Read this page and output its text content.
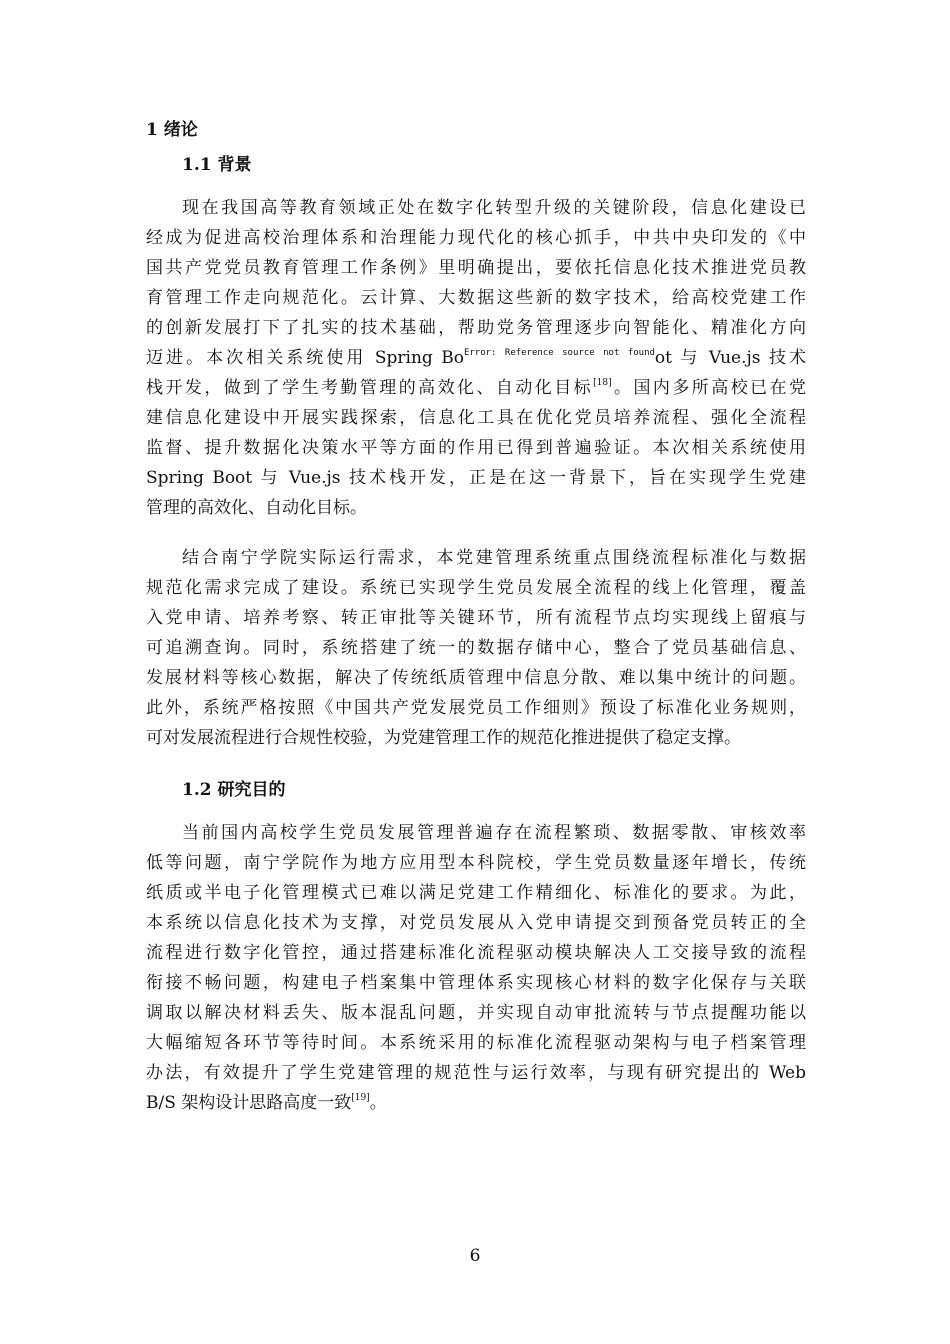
1 绪论
1.1 背景
现在我国高等教育领域正处在数字化转型升级的关键阶段，信息化建设已
经成为促进高校治理体系和治理能力现代化的核心抓手，中共中央印发的《中
国共产党党员教育管理工作条例》里明确提出，要依托信息化技术推进党员教
育管理工作走向规范化。云计算、大数据这些新的数字技术，给高校党建工作
的创新发展打下了扎实的技术基础，帮助党务管理逐步向智能化、精准化方向
迈进。本次相关系统使用 Spring $Bo^{Error: Reference source not found}ot$ 与 Vue.js 技术
栈开发，做到了学生考勤管理的高效化、自动化目标[18]。国内多所高校已在党
建信息化建设中开展实践探索，信息化工具在优化党员培养流程、强化全流程
监督、提升数据化决策水平等方面的作用已得到普遍验证。本次相关系统使用
Spring Boot 与 Vue.js 技术栈开发，正是在这一背景下，旨在实现学生党建
管理的高效化、自动化目标。
结合南宁学院实际运行需求，本党建管理系统重点围绕流程标准化与数据
规范化需求完成了建设。系统已实现学生党员发展全流程的线上化管理，覆盖
入党申请、培养考察、转正审批等关键环节，所有流程节点均实现线上留痕与
可追溯查询。同时，系统搭建了统一的数据存储中心，整合了党员基础信息、
发展材料等核心数据，解决了传统纸质管理中信息分散、难以集中统计的问题。
此外，系统严格按照《中国共产党发展党员工作细则》预设了标准化业务规则，
可对发展流程进行合规性校验，为党建管理工作的规范化推进提供了稳定支撑。
1.2 研究目的
当前国内高校学生党员发展管理普遍存在流程繁琐、数据零散、审核效率
低等问题，南宁学院作为地方应用型本科院校，学生党员数量逐年增长，传统
纸质或半电子化管理模式已难以满足党建工作精细化、标准化的要求。为此，
本系统以信息化技术为支撑，对党员发展从入党申请提交到预备党员转正的全
流程进行数字化管控，通过搭建标准化流程驱动模块解决人工交接导致的流程
衔接不畅问题，构建电子档案集中管理体系实现核心材料的数字化保存与关联
调取以解决材料丢失、版本混乱问题，并实现自动审批流转与节点提醒功能以
大幅缩短各环节等待时间。本系统采用的标准化流程驱动架构与电子档案管理
办法，有效提升了学生党建管理的规范性与运行效率，与现有研究提出的 Web
B/S 架构设计思路高度一致[19]。
6
